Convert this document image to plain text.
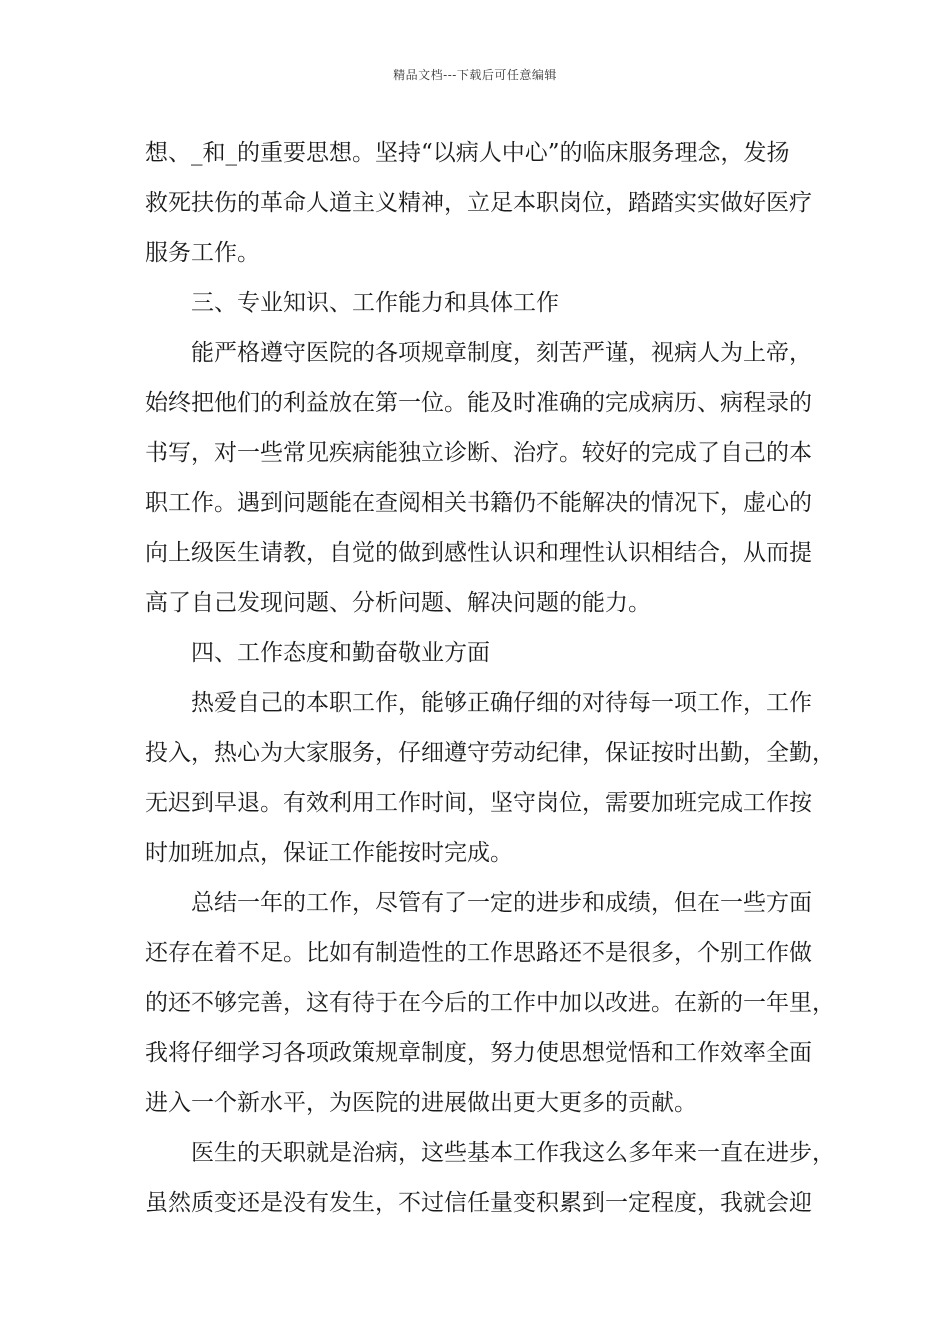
精品文档---下载后可任意编辑
想、_和_的重要思想。坚持“以病人中心”的临床服务理念，发扬
救死扶伤的革命人道主义精神，立足本职岗位，踏踏实实做好医疗
服务工作。
三、专业知识、工作能力和具体工作
能严格遵守医院的各项规章制度，刻苦严谨，视病人为上帝，
始终把他们的利益放在第一位。能及时准确的完成病历、病程录的
书写，对一些常见疾病能独立诊断、治疗。较好的完成了自己的本
职工作。遇到问题能在查阅相关书籍仍不能解决的情况下，虚心的
向上级医生请教，自觉的做到感性认识和理性认识相结合，从而提
高了自己发现问题、分析问题、解决问题的能力。
四、工作态度和勤奋敬业方面
热爱自己的本职工作，能够正确仔细的对待每一项工作，工作
投入，热心为大家服务，仔细遵守劳动纪律，保证按时出勤，全勤，
无迟到早退。有效利用工作时间，坚守岗位，需要加班完成工作按
时加班加点，保证工作能按时完成。
总结一年的工作，尽管有了一定的进步和成绩，但在一些方面
还存在着不足。比如有制造性的工作思路还不是很多，个别工作做
的还不够完善，这有待于在今后的工作中加以改进。在新的一年里，
我将仔细学习各项政策规章制度，努力使思想觉悟和工作效率全面
进入一个新水平，为医院的进展做出更大更多的贡献。
医生的天职就是治病，这些基本工作我这么多年来一直在进步，
虽然质变还是没有发生，不过信任量变积累到一定程度，我就会迎
